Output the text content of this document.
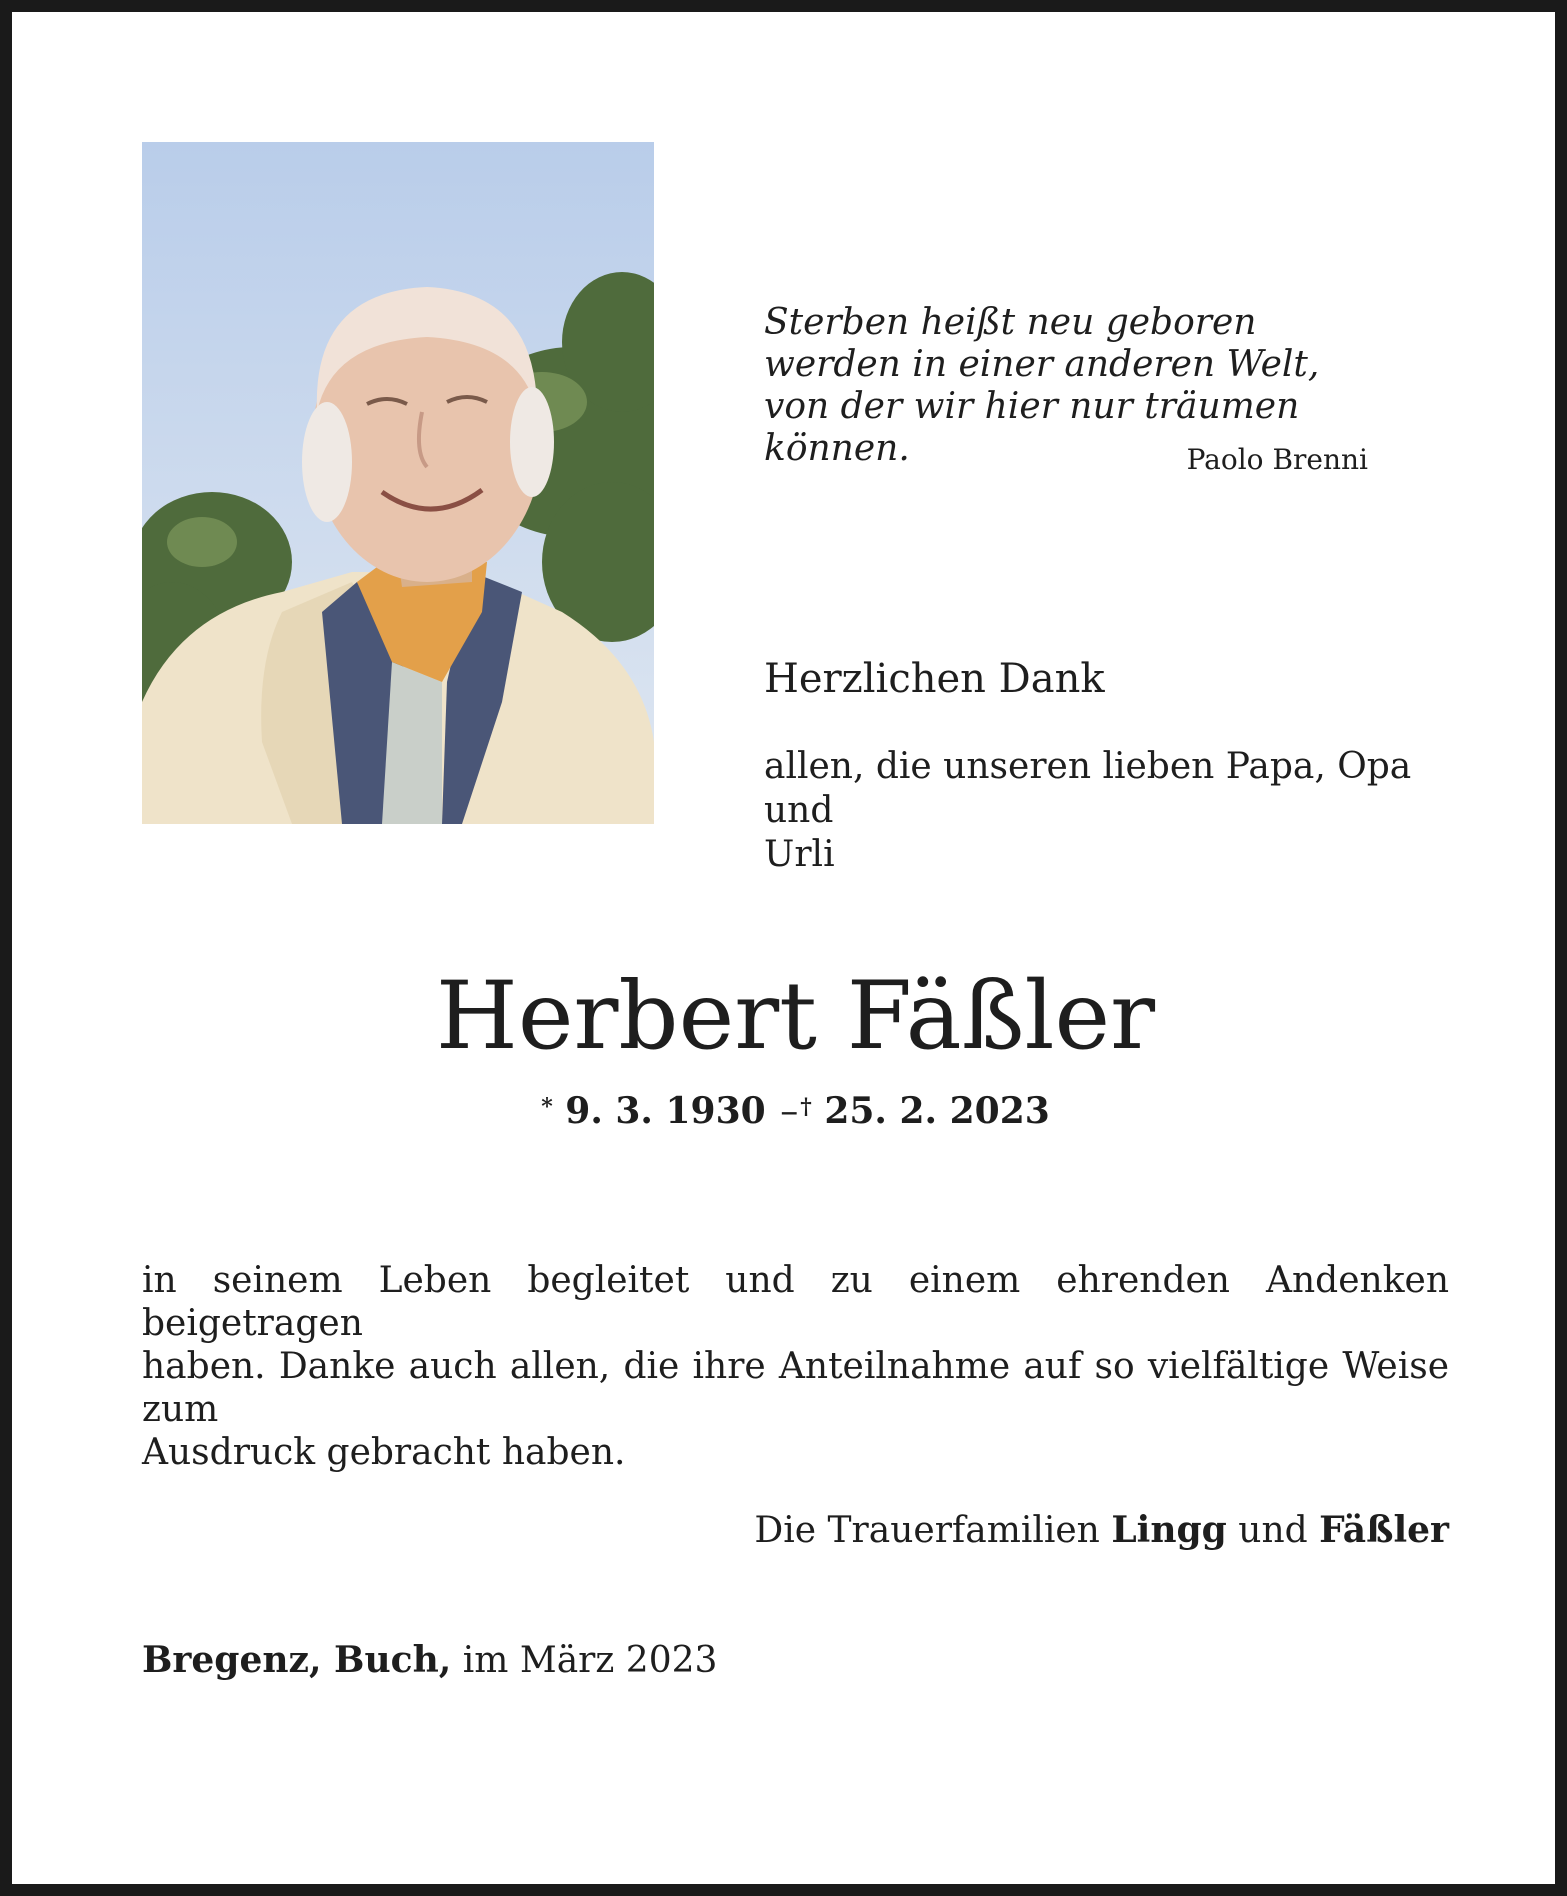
Sterben heißt neu geboren
werden in einer anderen Welt,
von der wir hier nur träumen können.	Paolo Brenni
Herzlichen Dank
allen, die unseren lieben Papa, Opa und
Urli
Herbert Fäßler
* 9. 3. 1930 –† 25. 2. 2023
in seinem Leben begleitet und zu einem ehrenden Andenken beigetragen
haben. Danke auch allen, die ihre Anteilnahme auf so vielfältige Weise zum
Ausdruck gebracht haben.
Die Trauerfamilien Lingg und Fäßler
Bregenz, Buch, im März 2023
